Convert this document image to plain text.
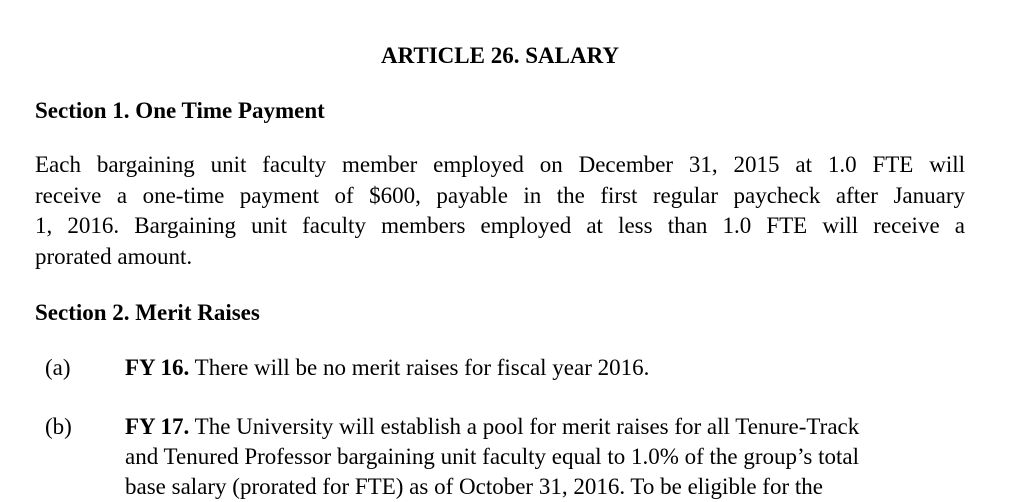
ARTICLE 26. SALARY
Section 1. One Time Payment
Each bargaining unit faculty member employed on December 31, 2015 at 1.0 FTE will
receive a one-time payment of $600, payable in the first regular paycheck after January
1, 2016. Bargaining unit faculty members employed at less than 1.0 FTE will receive a
prorated amount.
Section 2. Merit Raises
(a) FY 16. There will be no merit raises for fiscal year 2016.
(b) FY 17. The University will establish a pool for merit raises for all Tenure-Track
and Tenured Professor bargaining unit faculty equal to 1.0% of the group’s total
base salary (prorated for FTE) as of October 31, 2016. To be eligible for the
